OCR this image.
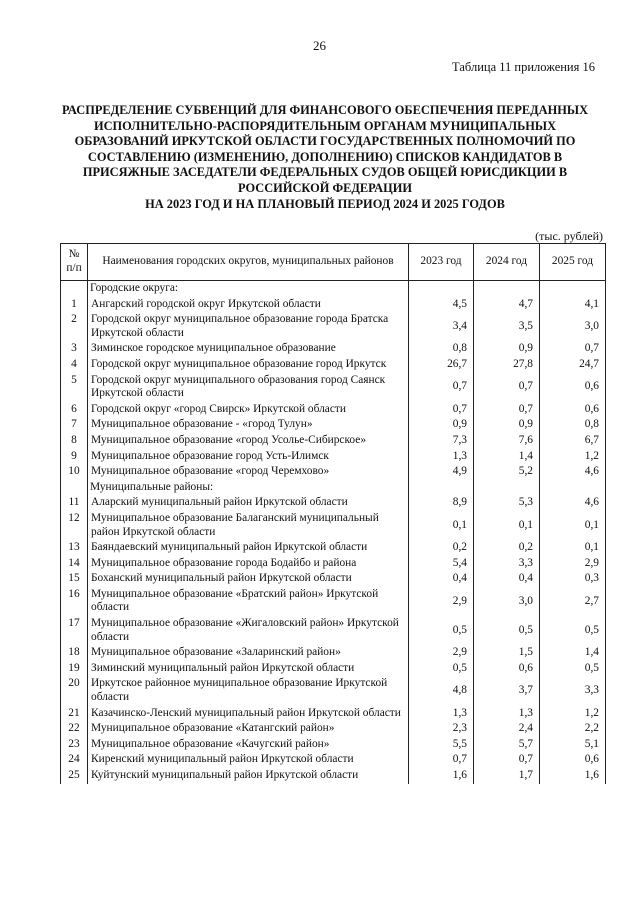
26
Таблица 11 приложения 16
РАСПРЕДЕЛЕНИЕ СУБВЕНЦИЙ ДЛЯ ФИНАНСОВОГО ОБЕСПЕЧЕНИЯ ПЕРЕДАННЫХ
ИСПОЛНИТЕЛЬНО-РАСПОРЯДИТЕЛЬНЫМ ОРГАНАМ МУНИЦИПАЛЬНЫХ
ОБРАЗОВАНИЙ ИРКУТСКОЙ ОБЛАСТИ ГОСУДАРСТВЕННЫХ ПОЛНОМОЧИЙ ПО
СОСТАВЛЕНИЮ (ИЗМЕНЕНИЮ, ДОПОЛНЕНИЮ) СПИСКОВ КАНДИДАТОВ В
ПРИСЯЖНЫЕ ЗАСЕДАТЕЛИ ФЕДЕРАЛЬНЫХ СУДОВ ОБЩЕЙ ЮРИСДИКЦИИ В
РОССИЙСКОЙ ФЕДЕРАЦИИ
НА 2023 ГОД И НА ПЛАНОВЫЙ ПЕРИОД 2024 И 2025 ГОДОВ
(тыс. рублей)
№ п/п	Наименования городских округов, муниципальных районов	2023 год	2024 год	2025 год
	Городские округа:			
1	Ангарский городской округ Иркутской области	4,5	4,7	4,1
2	Городской округ муниципальное образование города Братска Иркутской области	3,4	3,5	3,0
3	Зиминское городское муниципальное образование	0,8	0,9	0,7
4	Городской округ муниципальное образование город Иркутск	26,7	27,8	24,7
5	Городской округ муниципального образования город Саянск Иркутской области	0,7	0,7	0,6
6	Городской округ «город Свирск» Иркутской области	0,7	0,7	0,6
7	Муниципальное образование - «город Тулун»	0,9	0,9	0,8
8	Муниципальное образование «город Усолье-Сибирское»	7,3	7,6	6,7
9	Муниципальное образование город Усть-Илимск	1,3	1,4	1,2
10	Муниципальное образование «город Черемхово»	4,9	5,2	4,6
	Муниципальные районы:			
11	Аларский муниципальный район Иркутской области	8,9	5,3	4,6
12	Муниципальное образование Балаганский муниципальный район Иркутской области	0,1	0,1	0,1
13	Баяндаевский муниципальный район Иркутской области	0,2	0,2	0,1
14	Муниципальное образование города Бодайбо и района	5,4	3,3	2,9
15	Боханский муниципальный район Иркутской области	0,4	0,4	0,3
16	Муниципальное образование «Братский район» Иркутской области	2,9	3,0	2,7
17	Муниципальное образование «Жигаловский район» Иркутской области	0,5	0,5	0,5
18	Муниципальное образование «Заларинский район»	2,9	1,5	1,4
19	Зиминский муниципальный район Иркутской области	0,5	0,6	0,5
20	Иркутское районное муниципальное образование Иркутской области	4,8	3,7	3,3
21	Казачинско-Ленский муниципальный район Иркутской области	1,3	1,3	1,2
22	Муниципальное образование «Катангский район»	2,3	2,4	2,2
23	Муниципальное образование «Качугский район»	5,5	5,7	5,1
24	Киренский муниципальный район Иркутской области	0,7	0,7	0,6
25	Куйтунский муниципальный район Иркутской области	1,6	1,7	1,6
